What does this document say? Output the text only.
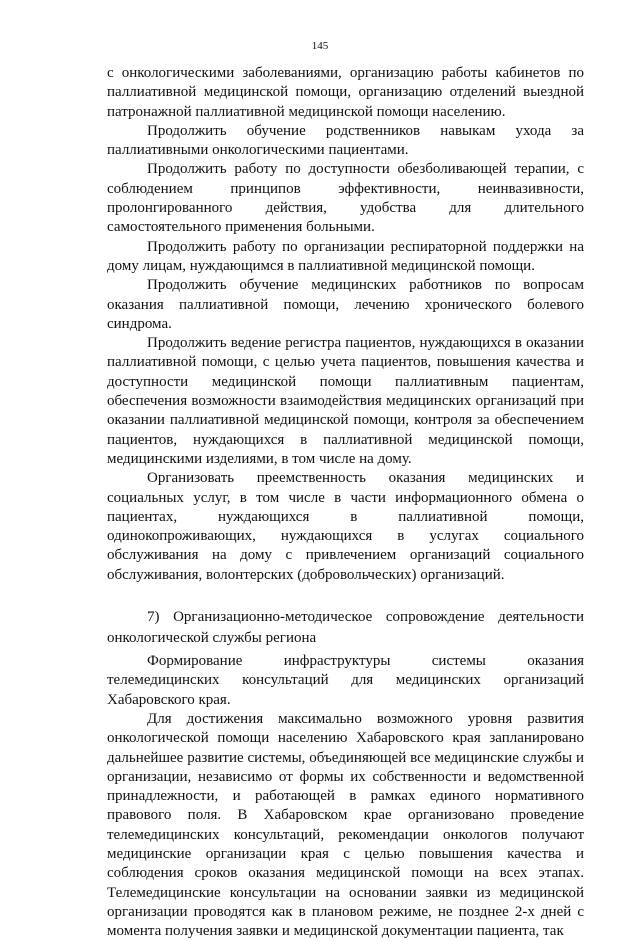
145

с онкологическими заболеваниями, организацию работы кабинетов по паллиативной медицинской помощи, организацию отделений выездной патронажной паллиативной медицинской помощи населению.

Продолжить обучение родственников навыкам ухода за паллиативными онкологическими пациентами.

Продолжить работу по доступности обезболивающей терапии, с соблюдением принципов эффективности, неинвазивности, пролонгированного действия, удобства для длительного самостоятельного применения больными.

Продолжить работу по организации респираторной поддержки на дому лицам, нуждающимся в паллиативной медицинской помощи.

Продолжить обучение медицинских работников по вопросам оказания паллиативной помощи, лечению хронического болевого синдрома.

Продолжить ведение регистра пациентов, нуждающихся в оказании паллиативной помощи, с целью учета пациентов, повышения качества и доступности медицинской помощи паллиативным пациентам, обеспечения возможности взаимодействия медицинских организаций при оказании паллиативной медицинской помощи, контроля за обеспечением пациентов, нуждающихся в паллиативной медицинской помощи, медицинскими изделиями, в том числе на дому.

Организовать преемственность оказания медицинских и социальных услуг, в том числе в части информационного обмена о пациентах, нуждающихся в паллиативной помощи, одинокопроживающих, нуждающихся в услугах социального обслуживания на дому с привлечением организаций социального обслуживания, волонтерских (добровольческих) организаций.

7) Организационно-методическое сопровождение деятельности онкологической службы региона

Формирование инфраструктуры системы оказания телемедицинских консультаций для медицинских организаций Хабаровского края.

Для достижения максимально возможного уровня развития онкологической помощи населению Хабаровского края запланировано дальнейшее развитие системы, объединяющей все медицинские службы и организации, независимо от формы их собственности и ведомственной принадлежности, и работающей в рамках единого нормативного правового поля. В Хабаровском крае организовано проведение телемедицинских консультаций, рекомендации онкологов получают медицинские организации края с целью повышения качества и соблюдения сроков оказания медицинской помощи на всех этапах. Телемедицинские консультации на основании заявки из медицинской организации проводятся как в плановом режиме, не позднее 2-х дней с момента получения заявки и медицинской документации пациента, так
